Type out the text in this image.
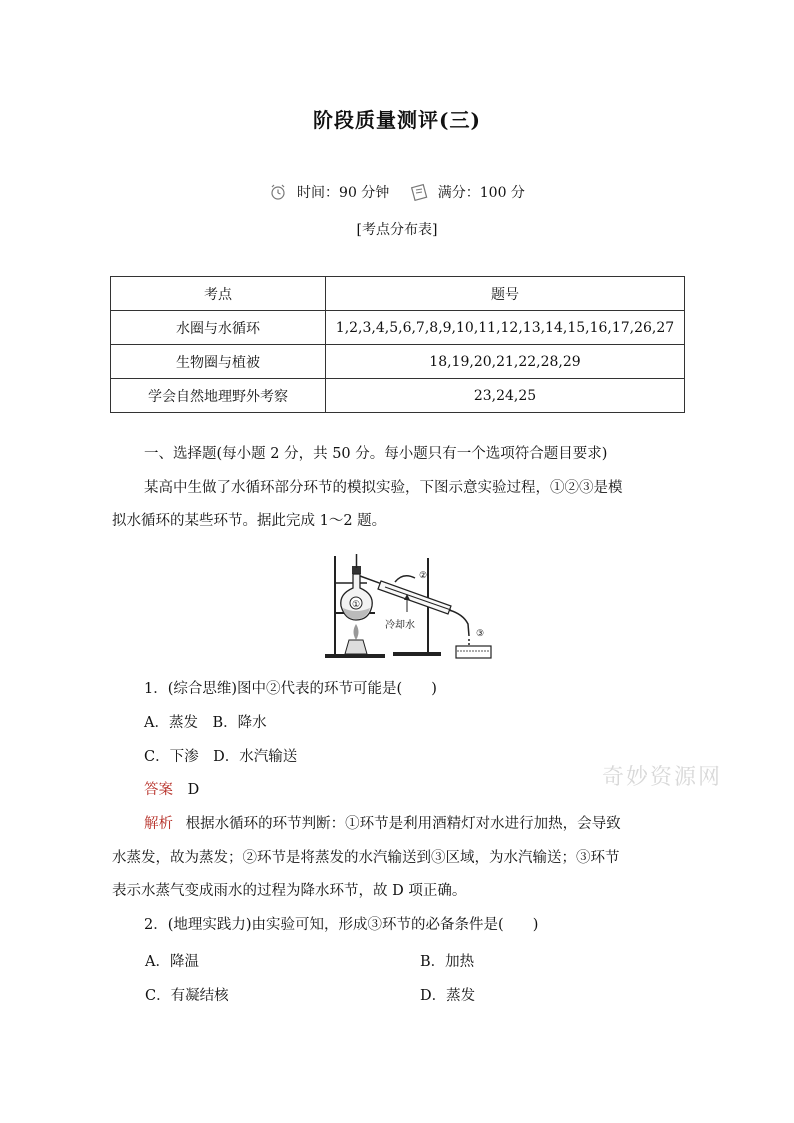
阶段质量测评(三)
时间：90 分钟
	满分：100 分
[考点分布表]
考点	题号
水圈与水循环	1,2,3,4,5,6,7,8,9,10,11,12,13,14,15,16,17,26,27
生物圈与植被	18,19,20,21,22,28,29
学会自然地理野外考察	23,24,25
一、选择题(每小题 2 分，共 50 分。每小题只有一个选项符合题目要求)
某高中生做了水循环部分环节的模拟实验，下图示意实验过程，①②③是模
拟水循环的某些环节。据此完成 1～2 题。
①
②
冷却水
③
1．(综合思维)图中②代表的环节可能是(　　)
A．蒸发　B．降水
C．下渗　D．水汽输送
答案 D
解析 根据水循环的环节判断：①环节是利用酒精灯对水进行加热，会导致
水蒸发，故为蒸发；②环节是将蒸发的水汽输送到③区域，为水汽输送；③环节
表示水蒸气变成雨水的过程为降水环节，故 D 项正确。
2．(地理实践力)由实验可知，形成③环节的必备条件是(　　)
A．降温	B．加热
C．有凝结核	D．蒸发
奇妙资源网
